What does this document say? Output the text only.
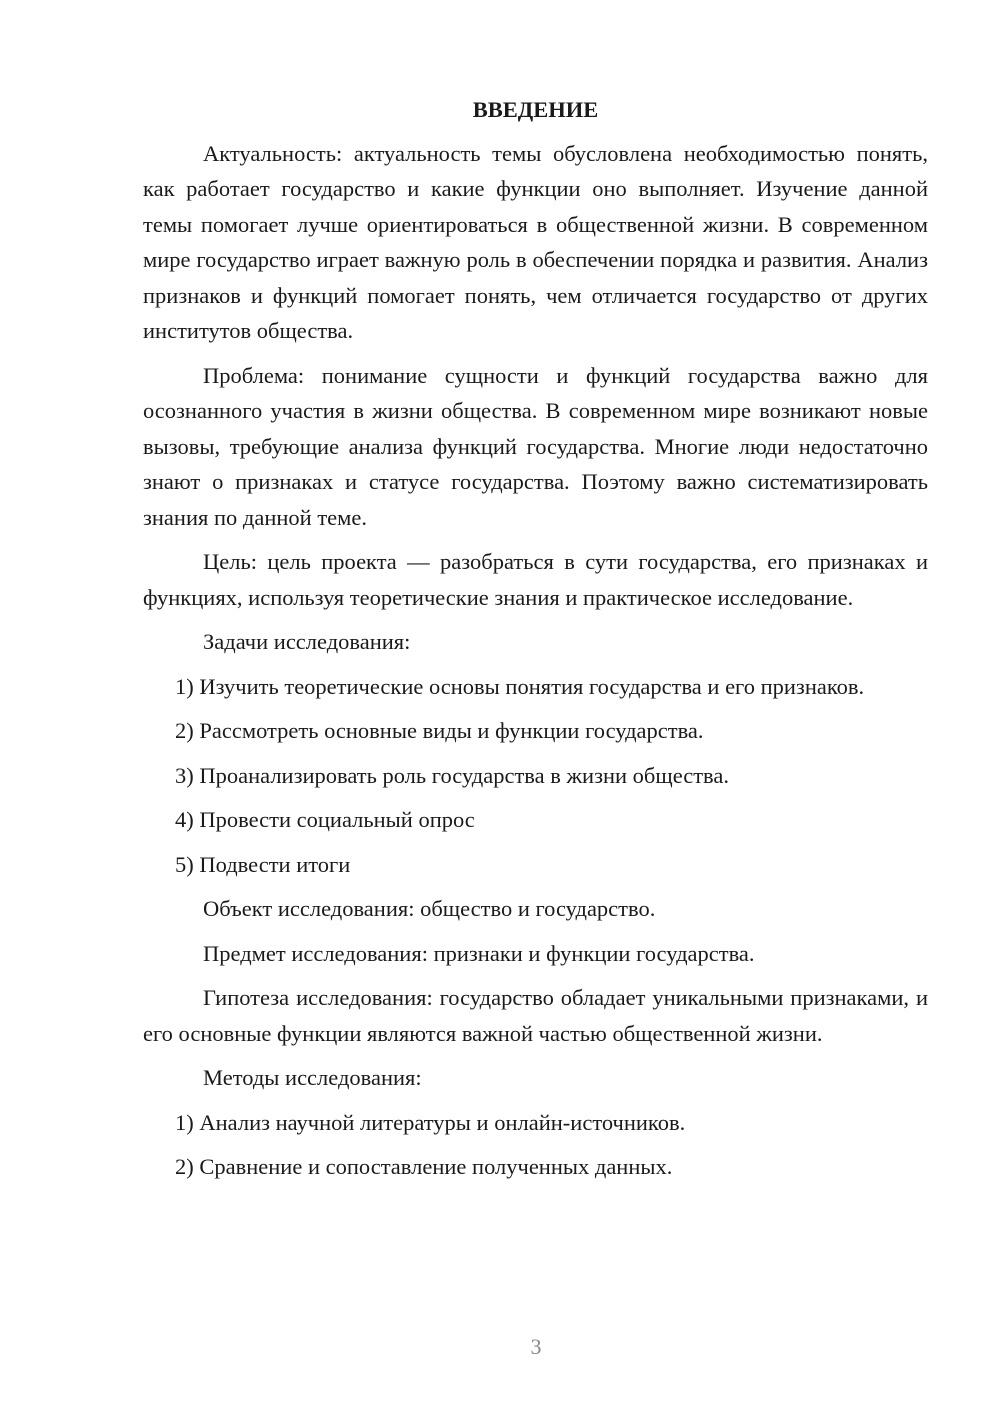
ВВЕДЕНИЕ

Актуальность: актуальность темы обусловлена необходимостью понять, как работает государство и какие функции оно выполняет. Изучение данной темы помогает лучше ориентироваться в общественной жизни. В современном мире государство играет важную роль в обеспечении порядка и развития. Анализ признаков и функций помогает понять, чем отличается государство от других институтов общества.

Проблема: понимание сущности и функций государства важно для осознанного участия в жизни общества. В современном мире возникают новые вызовы, требующие анализа функций государства. Многие люди недостаточно знают о признаках и статусе государства. Поэтому важно систематизировать знания по данной теме.

Цель: цель проекта — разобраться в сути государства, его признаках и функциях, используя теоретические знания и практическое исследование.

Задачи исследования:

1) Изучить теоретические основы понятия государства и его признаков.

2) Рассмотреть основные виды и функции государства.

3) Проанализировать роль государства в жизни общества.

4) Провести социальный опрос

5) Подвести итоги

Объект исследования: общество и государство.

Предмет исследования: признаки и функции государства.

Гипотеза исследования: государство обладает уникальными признаками, и его основные функции являются важной частью общественной жизни.

Методы исследования:

1) Анализ научной литературы и онлайн-источников.

2) Сравнение и сопоставление полученных данных.

3
